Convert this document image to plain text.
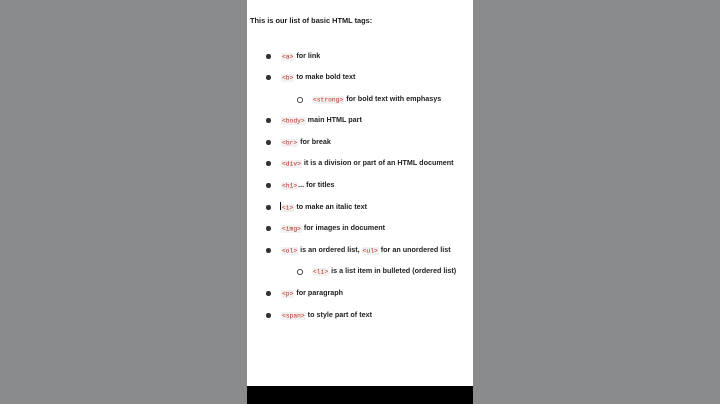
This is our list of basic HTML tags:
<a> for link
<b> to make bold text
<strong> for bold text with emphasys
<body> main HTML part
<br> for break
<div> it is a division or part of an HTML document
<h1>... for titles
<i> to make an italic text
<img> for images in document
<ol> is an ordered list, <ul> for an unordered list
<li> is a list item in bulleted (ordered list)
<p> for paragraph
<span> to style part of text
